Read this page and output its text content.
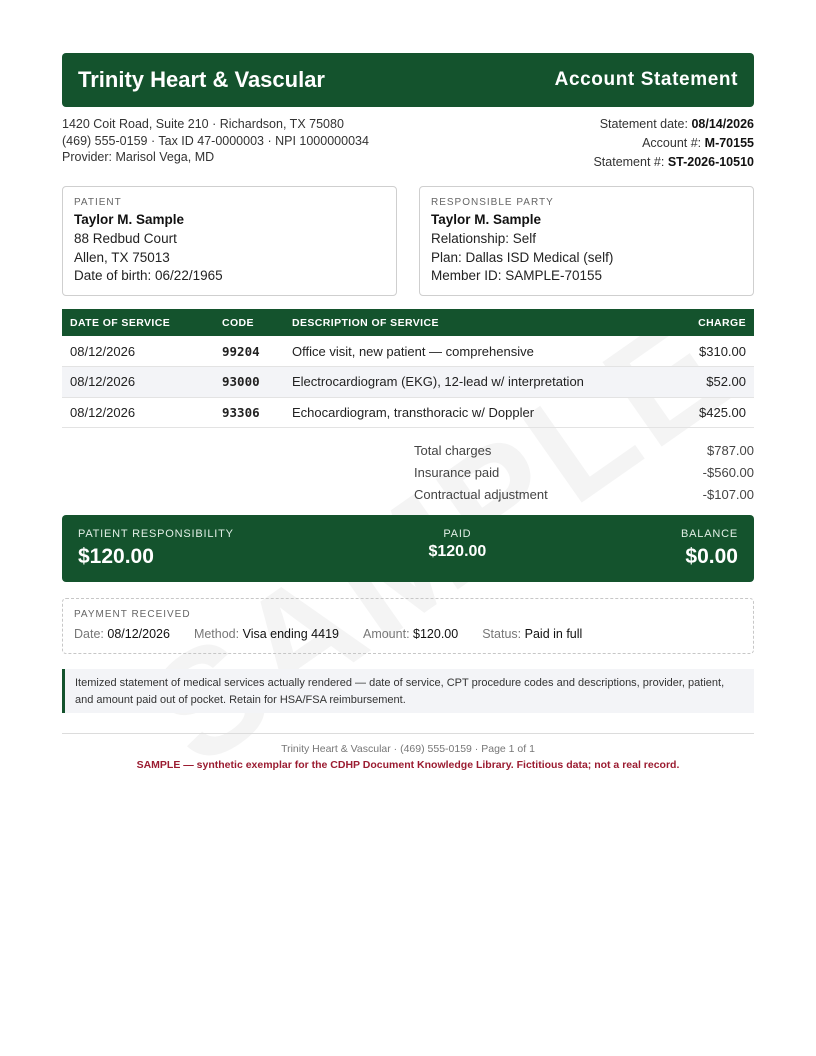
Trinity Heart & Vascular	Account Statement
1420 Coit Road, Suite 210 · Richardson, TX 75080
(469) 555-0159 · Tax ID 47-0000003 · NPI 1000000034
Provider: Marisol Vega, MD
Statement date: 08/14/2026
Account #: M-70155
Statement #: ST-2026-10510
PATIENT
Taylor M. Sample
88 Redbud Court
Allen, TX 75013
Date of birth: 06/22/1965
RESPONSIBLE PARTY
Taylor M. Sample
Relationship: Self
Plan: Dallas ISD Medical (self)
Member ID: SAMPLE-70155
DATE OF SERVICE	CODE	DESCRIPTION OF SERVICE	CHARGE
08/12/2026	99204	Office visit, new patient — comprehensive	$310.00
08/12/2026	93000	Electrocardiogram (EKG), 12-lead w/ interpretation	$52.00
08/12/2026	93306	Echocardiogram, transthoracic w/ Doppler	$425.00
Total charges	$787.00
Insurance paid	-$560.00
Contractual adjustment	-$107.00
PATIENT RESPONSIBILITY
$120.00
PAID
$120.00
BALANCE
$0.00
PAYMENT RECEIVED
Date: 08/12/2026 Method: Visa ending 4419 Amount: $120.00 Status: Paid in full
Itemized statement of medical services actually rendered — date of service, CPT procedure codes and descriptions, provider, patient, and amount paid out of pocket. Retain for HSA/FSA reimbursement.
Trinity Heart & Vascular · (469) 555-0159 · Page 1 of 1
SAMPLE — synthetic exemplar for the CDHP Document Knowledge Library. Fictitious data; not a real record.
